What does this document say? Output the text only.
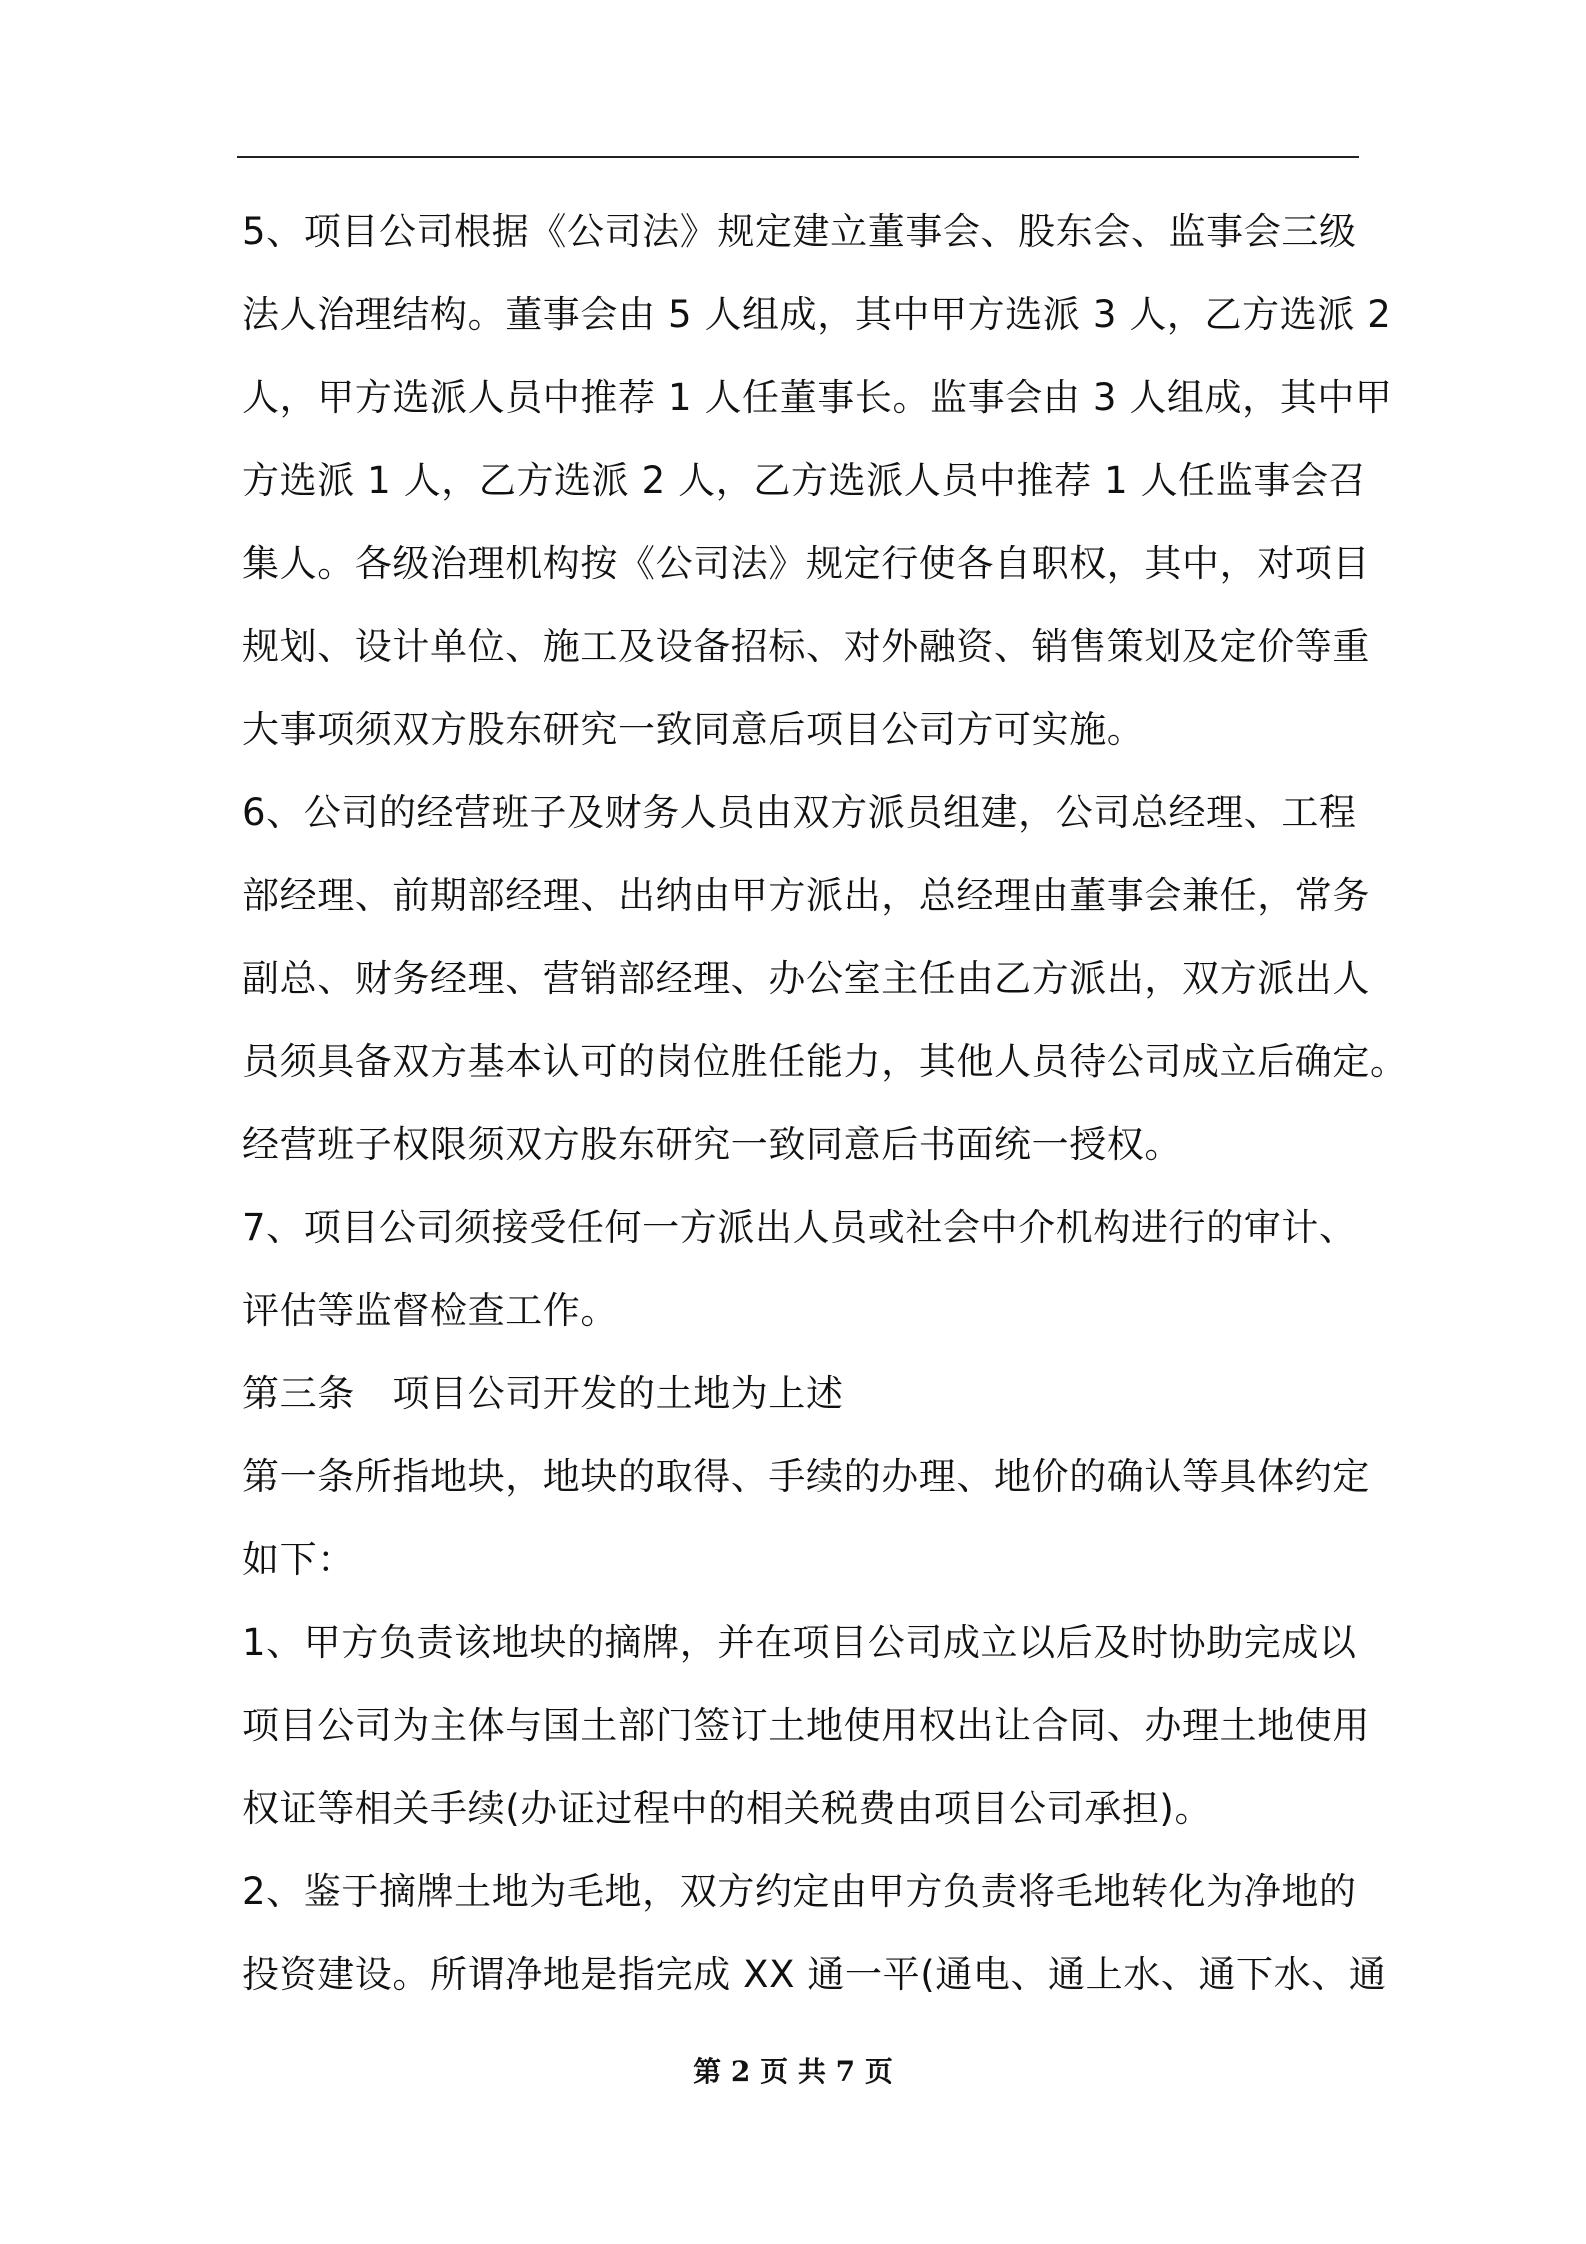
5、项目公司根据《公司法》规定建立董事会、股东会、监事会三级
法人治理结构。董事会由 5 人组成，其中甲方选派 3 人，乙方选派 2
人，甲方选派人员中推荐 1 人任董事长。监事会由 3 人组成，其中甲
方选派 1 人，乙方选派 2 人，乙方选派人员中推荐 1 人任监事会召
集人。各级治理机构按《公司法》规定行使各自职权，其中，对项目
规划、设计单位、施工及设备招标、对外融资、销售策划及定价等重
大事项须双方股东研究一致同意后项目公司方可实施。
6、公司的经营班子及财务人员由双方派员组建，公司总经理、工程
部经理、前期部经理、出纳由甲方派出，总经理由董事会兼任，常务
副总、财务经理、营销部经理、办公室主任由乙方派出，双方派出人
员须具备双方基本认可的岗位胜任能力，其他人员待公司成立后确定。
经营班子权限须双方股东研究一致同意后书面统一授权。
7、项目公司须接受任何一方派出人员或社会中介机构进行的审计、
评估等监督检查工作。
第三条　项目公司开发的土地为上述
第一条所指地块，地块的取得、手续的办理、地价的确认等具体约定
如下：
1、甲方负责该地块的摘牌，并在项目公司成立以后及时协助完成以
项目公司为主体与国土部门签订土地使用权出让合同、办理土地使用
权证等相关手续(办证过程中的相关税费由项目公司承担)。
2、鉴于摘牌土地为毛地，双方约定由甲方负责将毛地转化为净地的
投资建设。所谓净地是指完成 XX 通一平(通电、通上水、通下水、通
第 2 页 共 7 页
